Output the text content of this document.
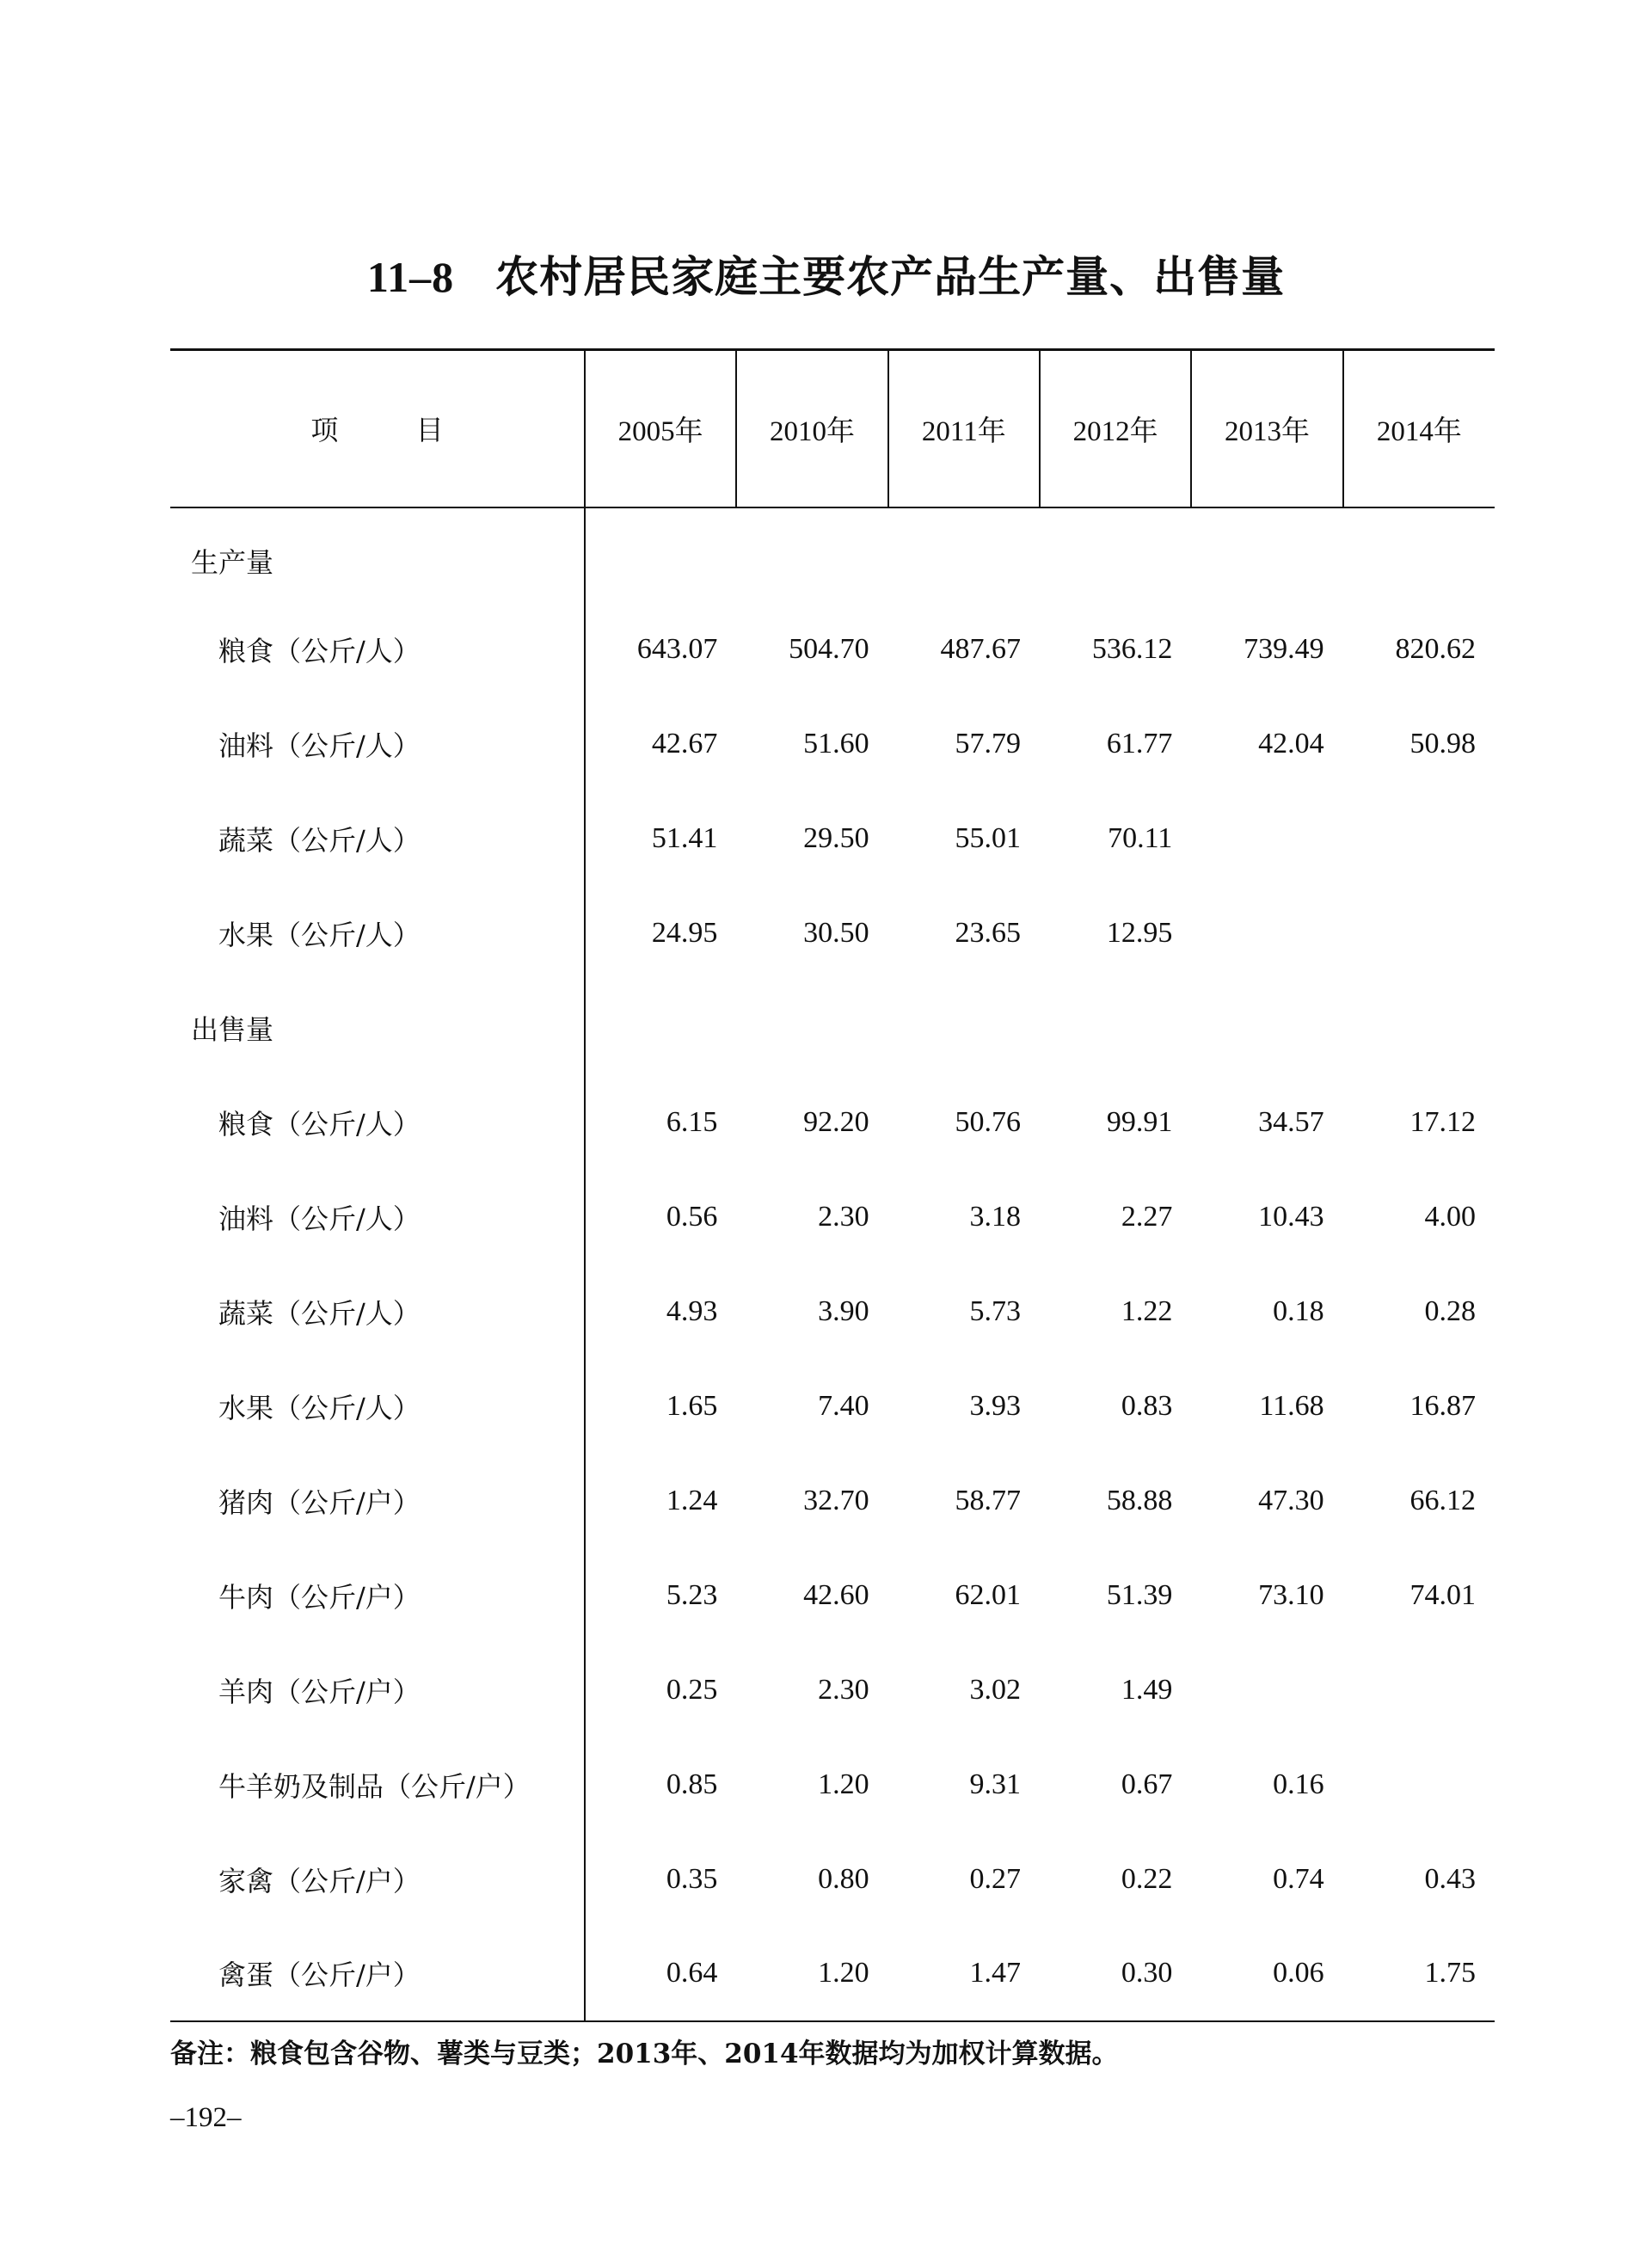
11–8 农村居民家庭主要农产品生产量、出售量
项 目	2005年	2010年	2011年	2012年	2013年	2014年
生产量						
粮食（公斤/人）	643.07	504.70	487.67	536.12	739.49	820.62
油料（公斤/人）	42.67	51.60	57.79	61.77	42.04	50.98
蔬菜（公斤/人）	51.41	29.50	55.01	70.11		
水果（公斤/人）	24.95	30.50	23.65	12.95		
出售量						
粮食（公斤/人）	6.15	92.20	50.76	99.91	34.57	17.12
油料（公斤/人）	0.56	2.30	3.18	2.27	10.43	4.00
蔬菜（公斤/人）	4.93	3.90	5.73	1.22	0.18	0.28
水果（公斤/人）	1.65	7.40	3.93	0.83	11.68	16.87
猪肉（公斤/户）	1.24	32.70	58.77	58.88	47.30	66.12
牛肉（公斤/户）	5.23	42.60	62.01	51.39	73.10	74.01
羊肉（公斤/户）	0.25	2.30	3.02	1.49		
牛羊奶及制品（公斤/户）	0.85	1.20	9.31	0.67	0.16	
家禽（公斤/户）	0.35	0.80	0.27	0.22	0.74	0.43
禽蛋（公斤/户）	0.64	1.20	1.47	0.30	0.06	1.75
备注：粮食包含谷物、薯类与豆类；2013年、2014年数据均为加权计算数据。
–192–
